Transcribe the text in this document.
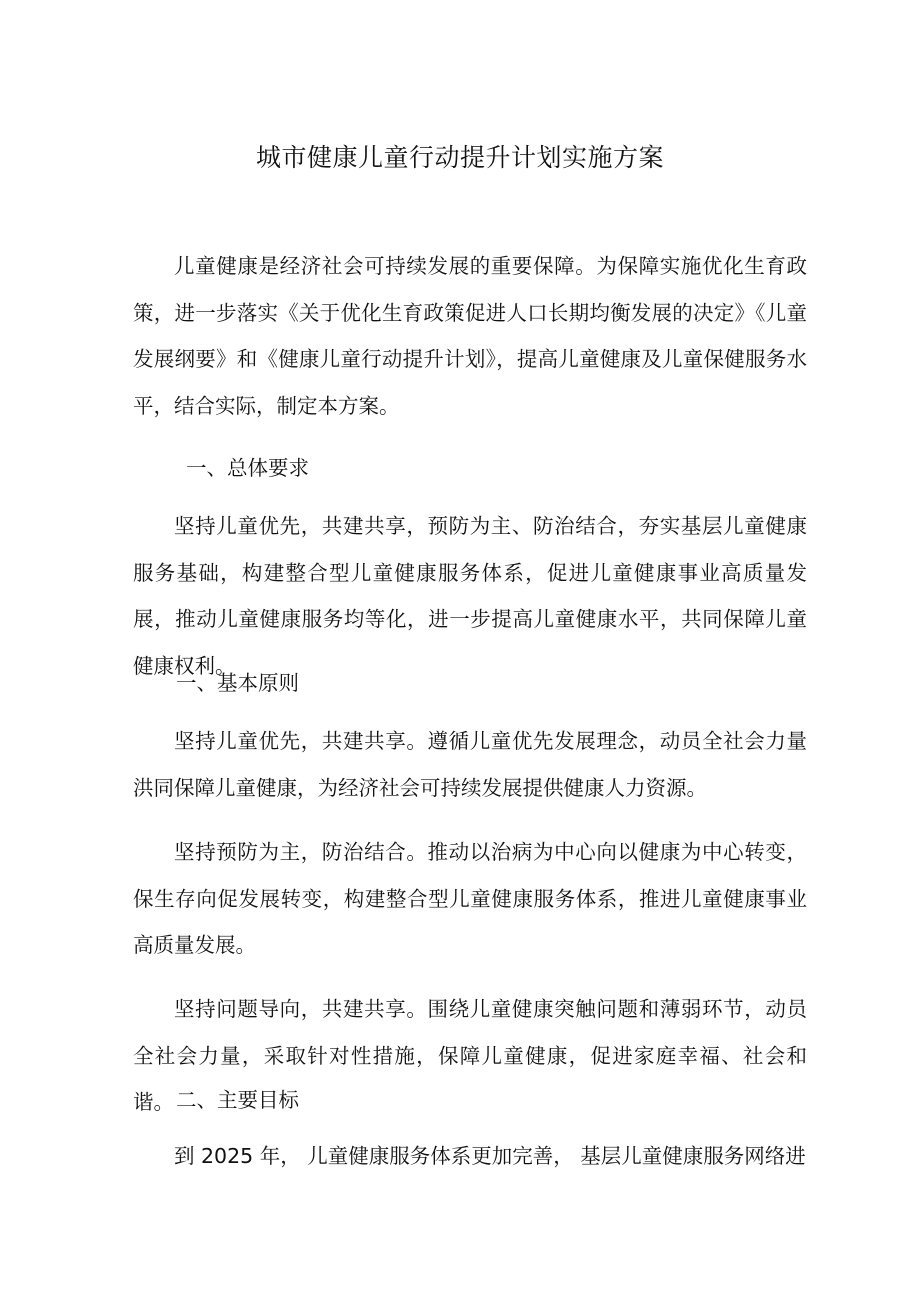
城市健康儿童行动提升计划实施方案

儿童健康是经济社会可持续发展的重要保障。为保障实施优化生育政策，进一步落实《关于优化生育政策促进人口长期均衡发展的决定》《儿童发展纲要》和《健康儿童行动提升计划》，提高儿童健康及儿童保健服务水平，结合实际，制定本方案。

一、总体要求

坚持儿童优先，共建共享，预防为主、防治结合，夯实基层儿童健康服务基础，构建整合型儿童健康服务体系，促进儿童健康事业高质量发展，推动儿童健康服务均等化，进一步提高儿童健康水平，共同保障儿童健康权利。

一、基本原则

坚持儿童优先，共建共享。遵循儿童优先发展理念，动员全社会力量洪同保障儿童健康，为经济社会可持续发展提供健康人力资源。

坚持预防为主，防治结合。推动以治病为中心向以健康为中心转变，保生存向促发展转变，构建整合型儿童健康服务体系，推进儿童健康事业高质量发展。

坚持问题导向，共建共享。围绕儿童健康突触问题和薄弱环节，动员全社会力量，采取针对性措施，保障儿童健康，促进家庭幸福、社会和谐。 二、主要目标

到 2025 年， 儿童健康服务体系更加完善， 基层儿童健康服务网络进
